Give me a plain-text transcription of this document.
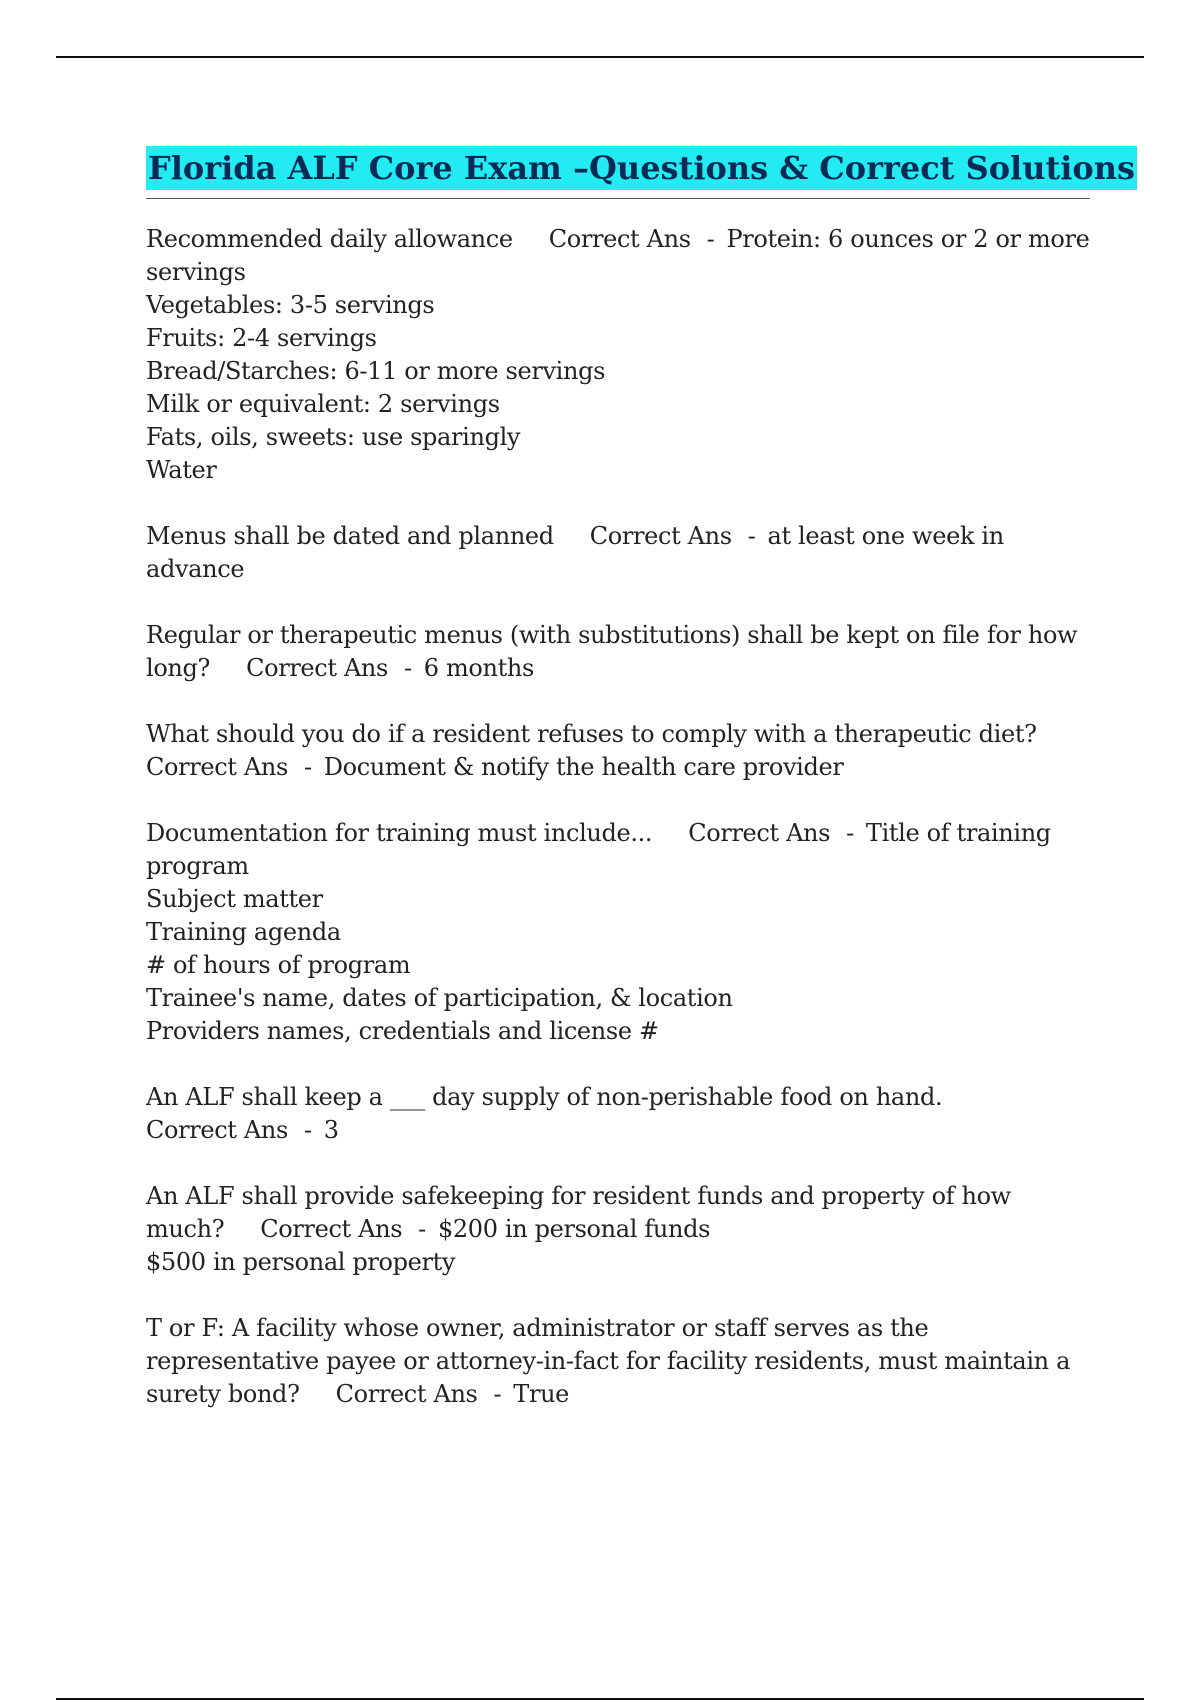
Florida ALF Core Exam –Questions & Correct Solutions
Recommended daily allowance Correct Ans - Protein: 6 ounces or 2 or more servings
Vegetables: 3-5 servings
Fruits: 2-4 servings
Bread/Starches: 6-11 or more servings
Milk or equivalent: 2 servings
Fats, oils, sweets: use sparingly
Water
Menus shall be dated and planned Correct Ans - at least one week in advance
Regular or therapeutic menus (with substitutions) shall be kept on file for how long? Correct Ans - 6 months
What should you do if a resident refuses to comply with a therapeutic diet?
Correct Ans - Document & notify the health care provider
Documentation for training must include... Correct Ans - Title of training program
Subject matter
Training agenda
# of hours of program
Trainee's name, dates of participation, & location
Providers names, credentials and license #
An ALF shall keep a ___ day supply of non-perishable food on hand.
Correct Ans - 3
An ALF shall provide safekeeping for resident funds and property of how much? Correct Ans - $200 in personal funds
$500 in personal property
T or F: A facility whose owner, administrator or staff serves as the representative payee or attorney-in-fact for facility residents, must maintain a surety bond? Correct Ans - True
